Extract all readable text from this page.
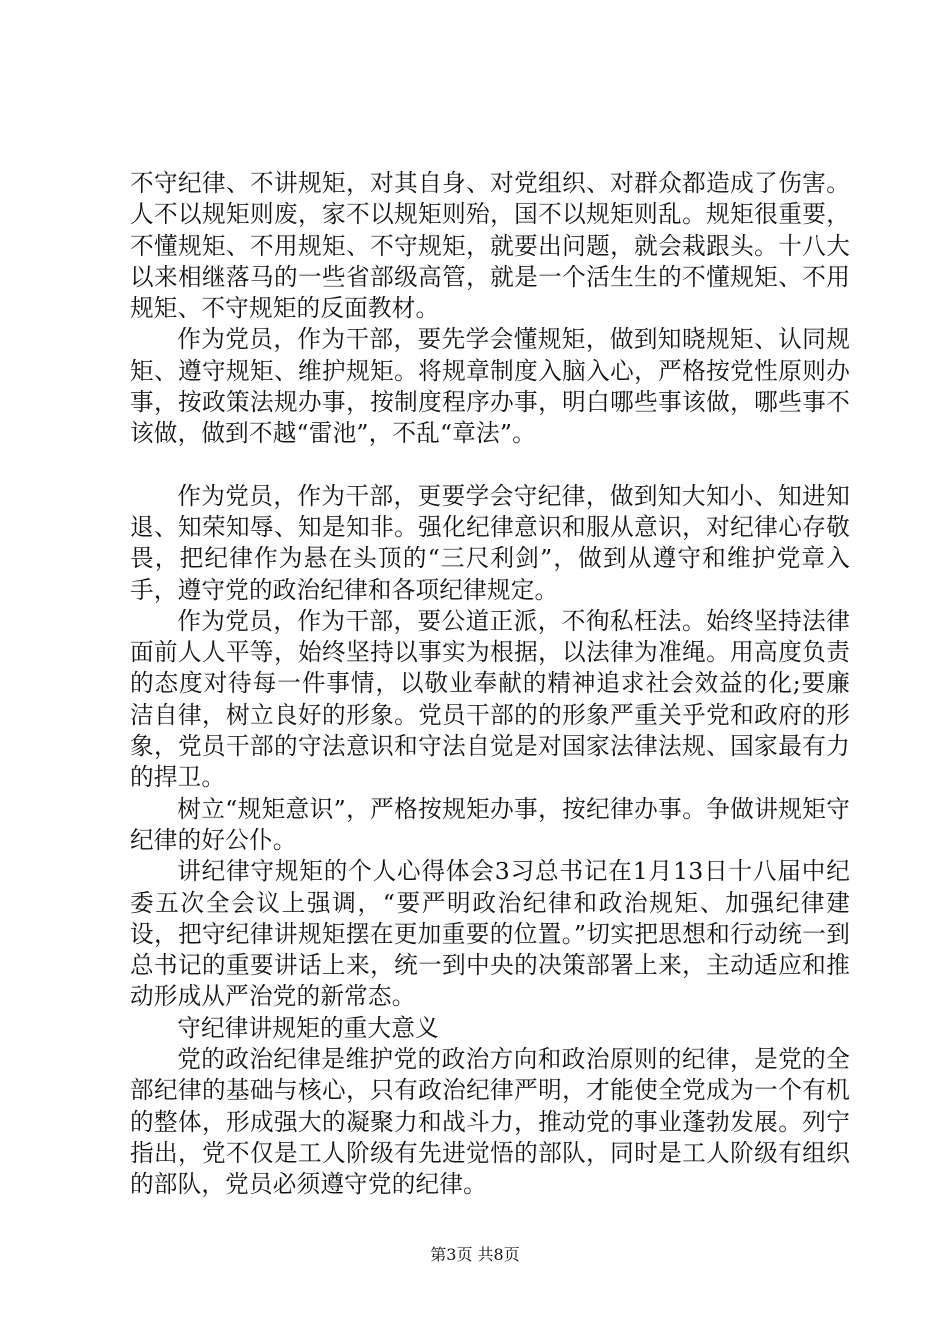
不守纪律、不讲规矩，对其自身、对党组织、对群众都造成了伤害。人不以规矩则废，家不以规矩则殆，国不以规矩则乱。规矩很重要，不懂规矩、不用规矩、不守规矩，就要出问题，就会栽跟头。十八大以来相继落马的一些省部级高管，就是一个活生生的不懂规矩、不用规矩、不守规矩的反面教材。

作为党员，作为干部，要先学会懂规矩，做到知晓规矩、认同规矩、遵守规矩、维护规矩。将规章制度入脑入心，严格按党性原则办事，按政策法规办事，按制度程序办事，明白哪些事该做，哪些事不该做，做到不越“雷池”，不乱“章法”。

作为党员，作为干部，更要学会守纪律，做到知大知小、知进知退、知荣知辱、知是知非。强化纪律意识和服从意识，对纪律心存敬畏，把纪律作为悬在头顶的“三尺利剑”，做到从遵守和维护党章入手，遵守党的政治纪律和各项纪律规定。

作为党员，作为干部，要公道正派，不徇私枉法。始终坚持法律面前人人平等，始终坚持以事实为根据，以法律为准绳。用高度负责的态度对待每一件事情，以敬业奉献的精神追求社会效益的化;要廉洁自律，树立良好的形象。党员干部的的形象严重关乎党和政府的形象，党员干部的守法意识和守法自觉是对国家法律法规、国家最有力的捍卫。

树立“规矩意识”，严格按规矩办事，按纪律办事。争做讲规矩守纪律的好公仆。

讲纪律守规矩的个人心得体会3习总书记在1月13日十八届中纪委五次全会议上强调，“要严明政治纪律和政治规矩、加强纪律建设，把守纪律讲规矩摆在更加重要的位置。”切实把思想和行动统一到总书记的重要讲话上来，统一到中央的决策部署上来，主动适应和推动形成从严治党的新常态。

守纪律讲规矩的重大意义

党的政治纪律是维护党的政治方向和政治原则的纪律，是党的全部纪律的基础与核心，只有政治纪律严明，才能使全党成为一个有机的整体，形成强大的凝聚力和战斗力，推动党的事业蓬勃发展。列宁指出，党不仅是工人阶级有先进觉悟的部队，同时是工人阶级有组织的部队，党员必须遵守党的纪律。

第3页 共8页
